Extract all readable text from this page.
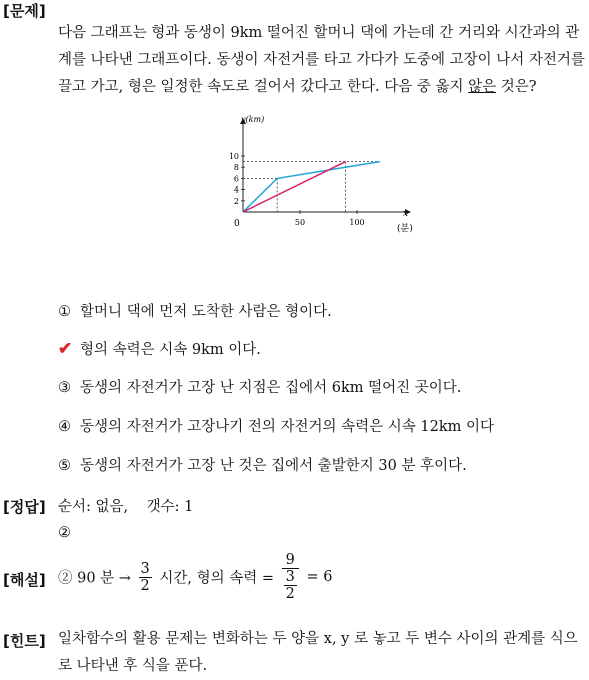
[문제]
다음 그래프는 형과 동생이 9km 떨어진 할머니 댁에 가는데 간 거리와 시간과의 관계를 나타낸 그래프이다. 동생이 자전거를 타고 가다가 도중에 고장이 나서 자전거를 끌고 가고, 형은 일정한 속도로 걸어서 갔다고 한다. 다음 중 옳지 않은 것은?
y(km)
x
(분)
0
10
8
6
4
2
50	100
① 할머니 댁에 먼저 도착한 사람은 형이다.
✔ 형의 속력은 시속 9km 이다.
③ 동생의 자전거가 고장 난 지점은 집에서 6km 떨어진 곳이다.
④ 동생의 자전거가 고장나기 전의 자전거의 속력은 시속 12km 이다
⑤ 동생의 자전거가 고장 난 것은 집에서 출발한지 30 분 후이다.
[정답] 순서: 없음,    갯수: 1
②
[해설] ② 90 분 → $\frac{3}{2}$ 시간, 형의 속력 = $\frac{9}{\frac{3}{2}} = 6$
[힌트] 일차함수의 활용 문제는 변화하는 두 양을 x, y 로 놓고 두 변수 사이의 관계를 식으로 나타낸 후 식을 푼다.
